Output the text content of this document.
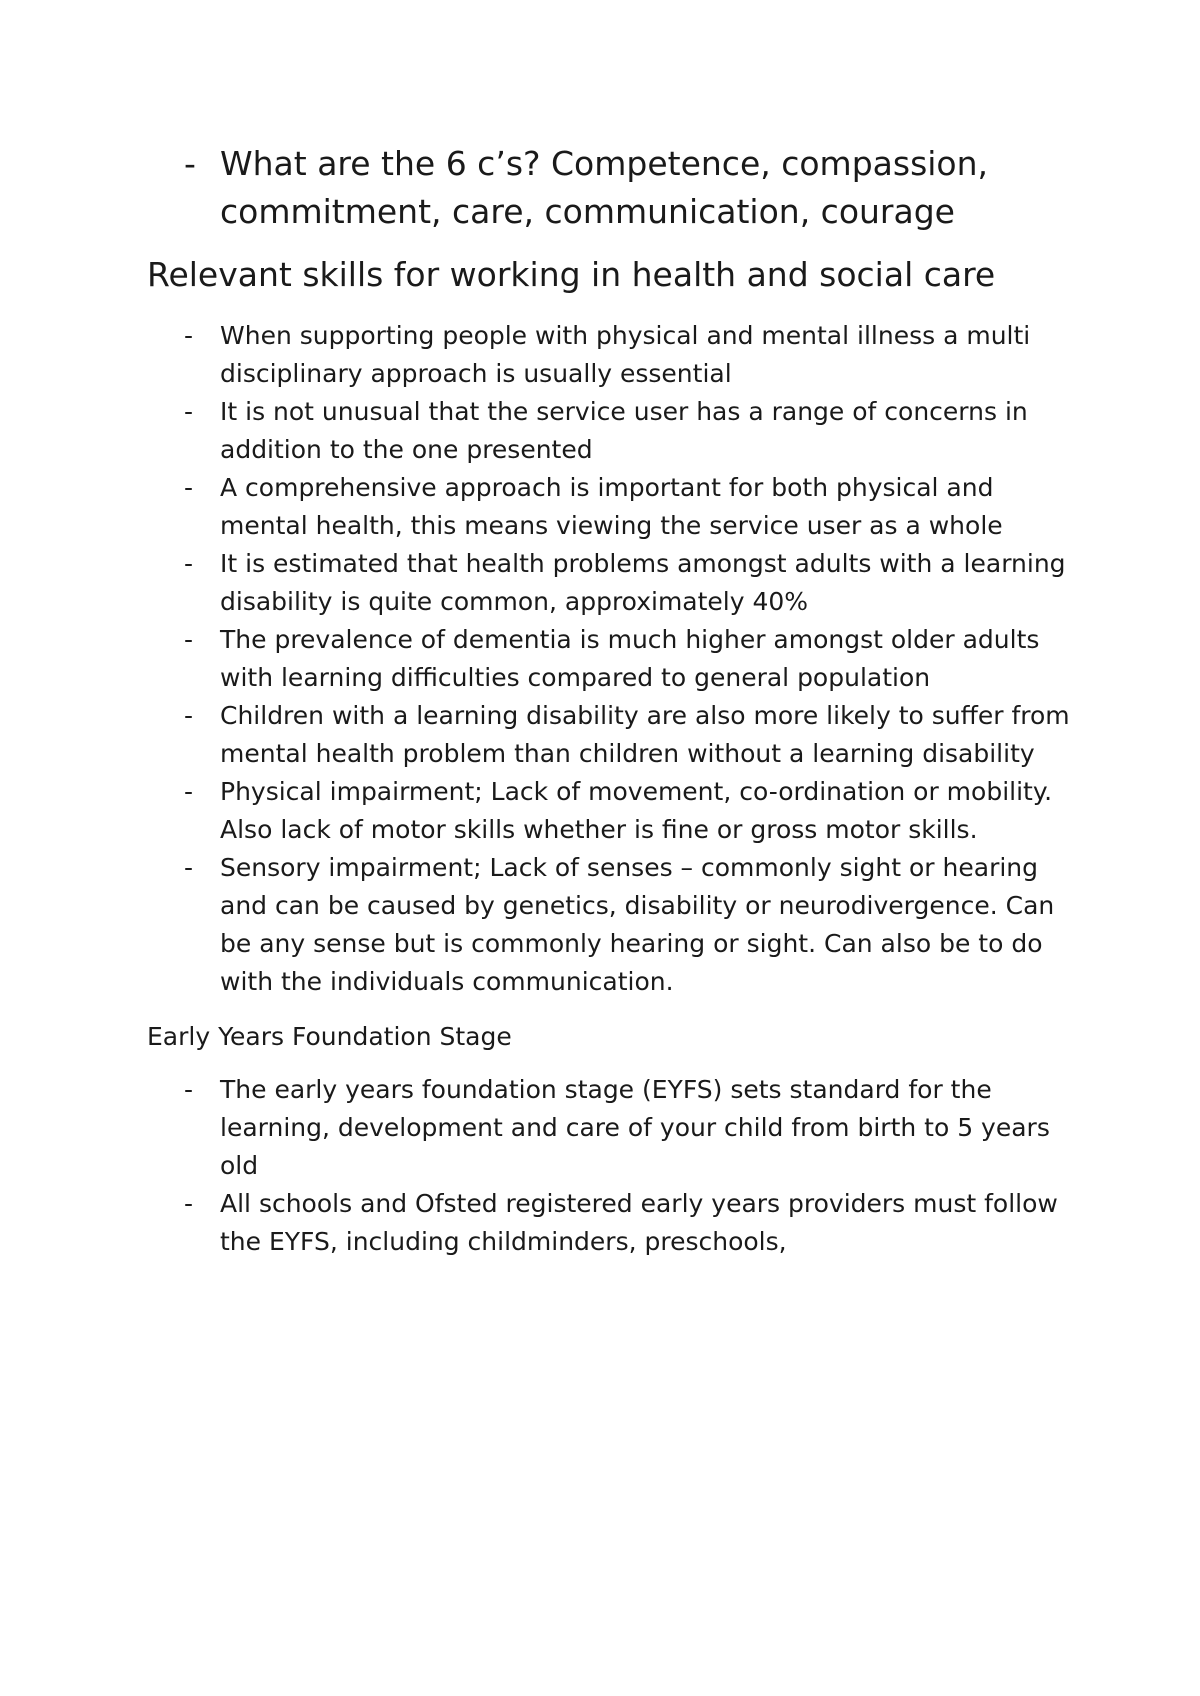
- What are the 6 c’s? Competence, compassion, commitment, care, communication, courage
Relevant skills for working in health and social care
- When supporting people with physical and mental illness a multi disciplinary approach is usually essential
- It is not unusual that the service user has a range of concerns in addition to the one presented
- A comprehensive approach is important for both physical and mental health, this means viewing the service user as a whole
- It is estimated that health problems amongst adults with a learning disability is quite common, approximately 40%
- The prevalence of dementia is much higher amongst older adults with learning difficulties compared to general population
- Children with a learning disability are also more likely to suffer from mental health problem than children without a learning disability
- Physical impairment; Lack of movement, co-ordination or mobility. Also lack of motor skills whether is fine or gross motor skills.
- Sensory impairment; Lack of senses – commonly sight or hearing and can be caused by genetics, disability or neurodivergence. Can be any sense but is commonly hearing or sight. Can also be to do with the individuals communication.
Early Years Foundation Stage
- The early years foundation stage (EYFS) sets standard for the learning, development and care of your child from birth to 5 years old
- All schools and Ofsted registered early years providers must follow the EYFS, including childminders, preschools,
